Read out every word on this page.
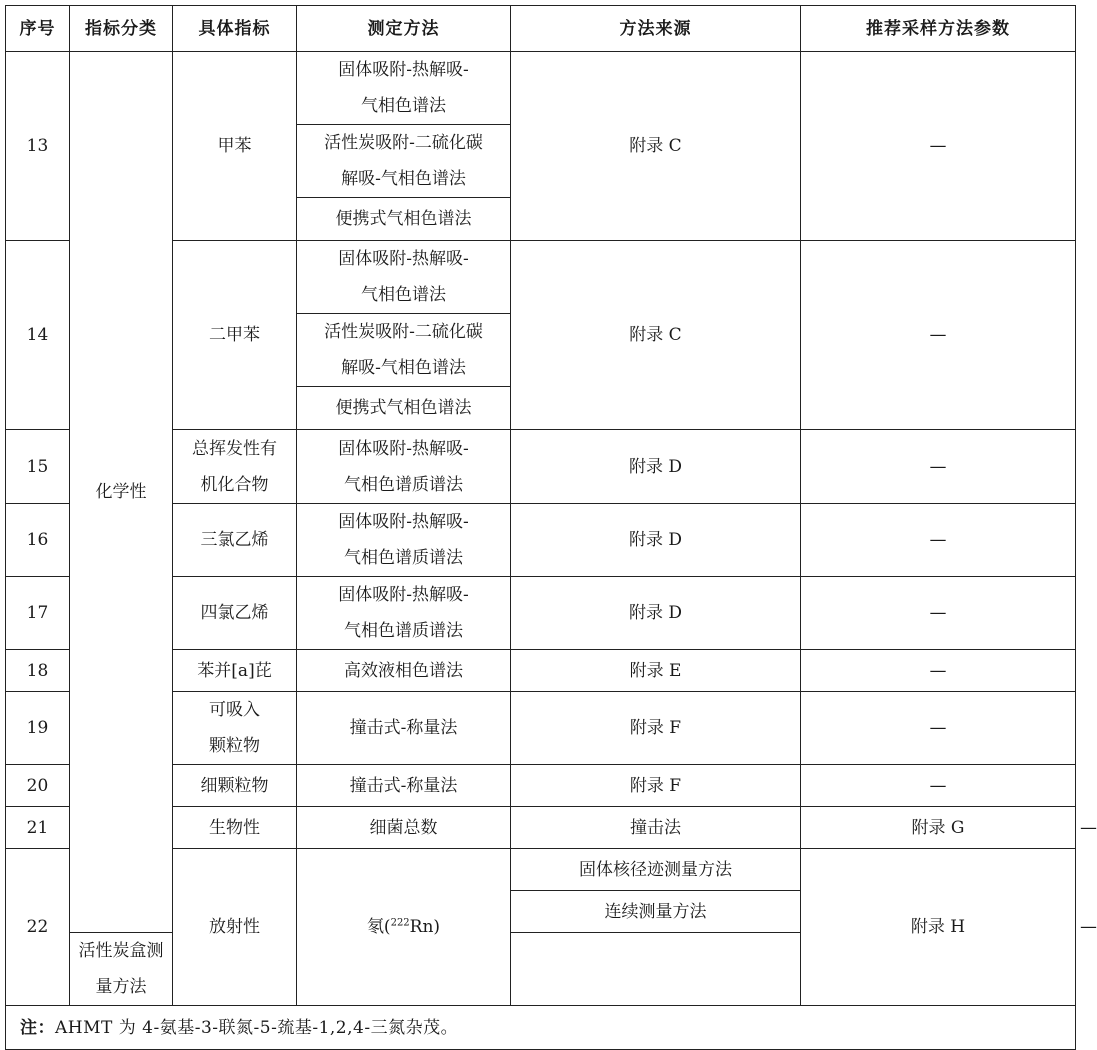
序号	指标分类	具体指标	测定方法	方法来源	推荐采样方法参数	
13	化学性	甲苯	固体吸附-热解吸-
气相色谱法	附录 C	—	
			活性炭吸附-二硫化碳
解吸-气相色谱法			
			便携式气相色谱法			
14		二甲苯	固体吸附-热解吸-
气相色谱法	附录 C	—	
			活性炭吸附-二硫化碳
解吸-气相色谱法			
			便携式气相色谱法			
15		总挥发性有
机化合物	固体吸附-热解吸-
气相色谱质谱法	附录 D	—	
16		三氯乙烯	固体吸附-热解吸-
气相色谱质谱法	附录 D	—	
17		四氯乙烯	固体吸附-热解吸-
气相色谱质谱法	附录 D	—	
18		苯并[a]芘	高效液相色谱法	附录 E	—	
19		可吸入
颗粒物	撞击式-称量法	附录 F	—	
20		细颗粒物	撞击式-称量法	附录 F	—	
21		生物性	细菌总数	撞击法	附录 G	—
22		放射性	氡($^{222}$Rn)	固体核径迹测量方法	附录 H	—
				连续测量方法		
	活性炭盒测量方法					
注：AHMT 为 4-氨基-3-联氮-5-巯基-1,2,4-三氮杂茂。						
